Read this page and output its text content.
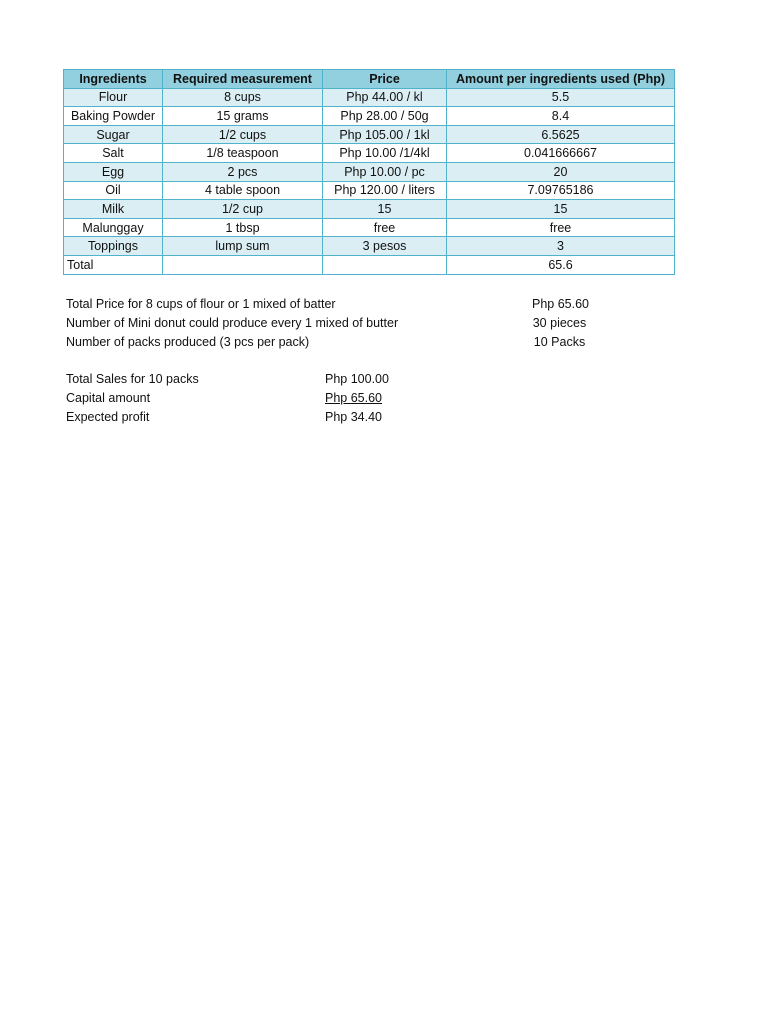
Ingredients	Required measurement	Price	Amount per ingredients used (Php)
Flour	8 cups	Php 44.00 / kl	5.5
Baking Powder	15 grams	Php 28.00 / 50g	8.4
Sugar	1/2 cups	Php 105.00 / 1kl	6.5625
Salt	1/8 teaspoon	Php 10.00 /1/4kl	0.041666667
Egg	2 pcs	Php 10.00 / pc	20
Oil	4 table spoon	Php 120.00 / liters	7.09765186
Milk	1/2 cup	15	15
Malunggay	1 tbsp	free	free
Toppings	lump sum	3 pesos	3
Total			65.6
Total Price for 8 cups of flour or 1 mixed of batter	Php 65.60
Number of Mini donut could produce every 1 mixed of butter	30 pieces
Number of packs produced (3 pcs per pack)	10 Packs
Total Sales for 10 packs	Php 100.00
Capital amount	Php 65.60
Expected profit	Php 34.40
